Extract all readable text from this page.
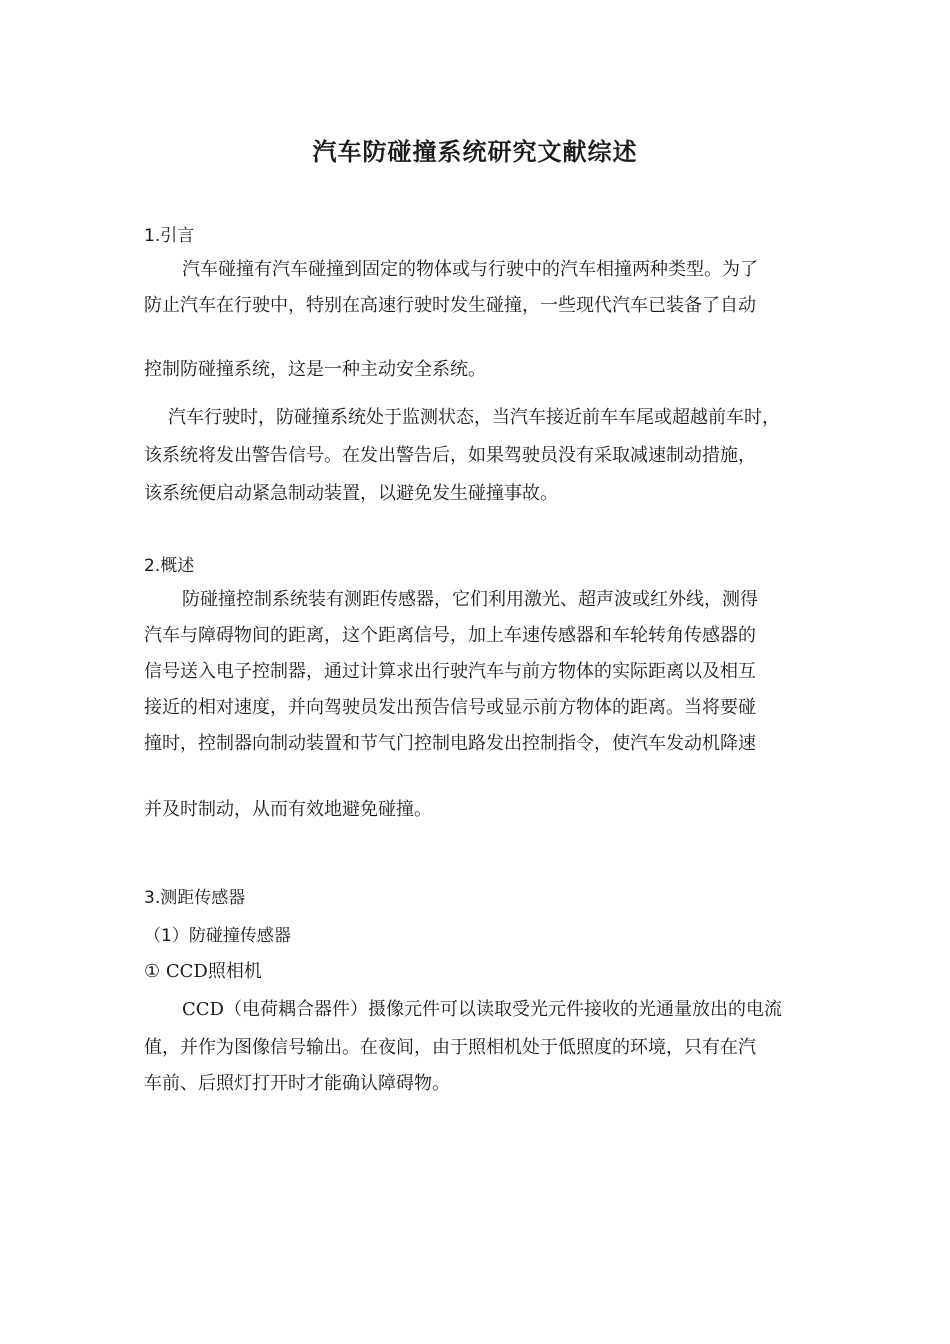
汽车防碰撞系统研究文献综述
1.引言
汽车碰撞有汽车碰撞到固定的物体或与行驶中的汽车相撞两种类型。为了
防止汽车在行驶中，特别在高速行驶时发生碰撞，一些现代汽车已装备了自动
控制防碰撞系统，这是一种主动安全系统。
汽车行驶时，防碰撞系统处于监测状态，当汽车接近前车车尾或超越前车时，
该系统将发出警告信号。在发出警告后，如果驾驶员没有采取减速制动措施，
该系统便启动紧急制动装置，以避免发生碰撞事故。
2.概述
防碰撞控制系统装有测距传感器，它们利用激光、超声波或红外线，测得
汽车与障碍物间的距离，这个距离信号，加上车速传感器和车轮转角传感器的
信号送入电子控制器，通过计算求出行驶汽车与前方物体的实际距离以及相互
接近的相对速度，并向驾驶员发出预告信号或显示前方物体的距离。当将要碰
撞时，控制器向制动装置和节气门控制电路发出控制指令，使汽车发动机降速
并及时制动，从而有效地避免碰撞。
3.测距传感器
（1）防碰撞传感器
① CCD照相机
CCD（电荷耦合器件）摄像元件可以读取受光元件接收的光通量放出的电流
值，并作为图像信号输出。在夜间，由于照相机处于低照度的环境，只有在汽
车前、后照灯打开时才能确认障碍物。
